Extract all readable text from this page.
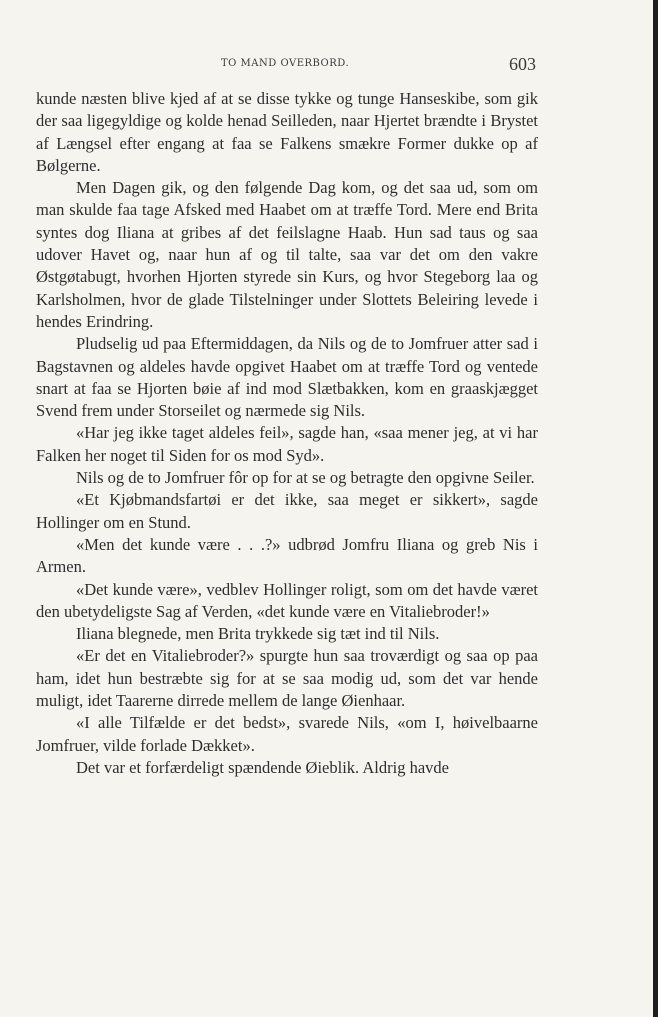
TO MAND OVERBORD.	603

kunde næsten blive kjed af at se disse tykke og tunge Hanseskibe, som gik der saa ligegyldige og kolde henad Seilleden, naar Hjertet brændte i Brystet af Længsel efter engang at faa se Falkens smækre Former dukke op af Bølgerne.

Men Dagen gik, og den følgende Dag kom, og det saa ud, som om man skulde faa tage Afsked med Haabet om at træffe Tord. Mere end Brita syntes dog Iliana at gribes af det feilslagne Haab. Hun sad taus og saa udover Havet og, naar hun af og til talte, saa var det om den vakre Østgøtabugt, hvorhen Hjorten styrede sin Kurs, og hvor Stegeborg laa og Karlsholmen, hvor de glade Tilstelninger under Slottets Beleiring levede i hendes Erindring.

Pludselig ud paa Eftermiddagen, da Nils og de to Jomfruer atter sad i Bagstavnen og aldeles havde opgivet Haabet om at træffe Tord og ventede snart at faa se Hjorten bøie af ind mod Slætbakken, kom en graaskjægget Svend frem under Storseilet og nærmede sig Nils.

«Har jeg ikke taget aldeles feil», sagde han, «saa mener jeg, at vi har Falken her noget til Siden for os mod Syd».

Nils og de to Jomfruer fôr op for at se og betragte den opgivne Seiler.

«Et Kjøbmandsfartøi er det ikke, saa meget er sikkert», sagde Hollinger om en Stund.

«Men det kunde være . . .?» udbrød Jomfru Iliana og greb Nis i Armen.

«Det kunde være», vedblev Hollinger roligt, som om det havde været den ubetydeligste Sag af Verden, «det kunde være en Vitaliebroder!»

Iliana blegnede, men Brita trykkede sig tæt ind til Nils.

«Er det en Vitaliebroder?» spurgte hun saa troværdigt og saa op paa ham, idet hun bestræbte sig for at se saa modig ud, som det var hende muligt, idet Taarerne dirrede mellem de lange Øienhaar.

«I alle Tilfælde er det bedst», svarede Nils, «om I, høivelbaarne Jomfruer, vilde forlade Dækket».

Det var et forfærdeligt spændende Øieblik. Aldrig havde
